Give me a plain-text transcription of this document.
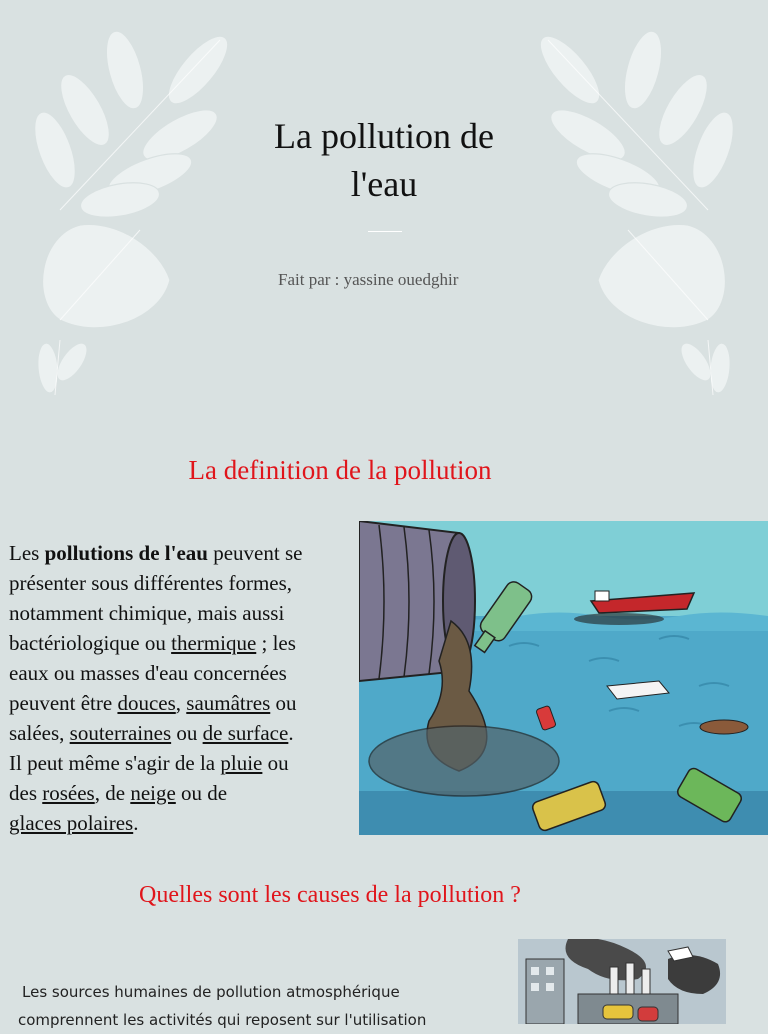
La pollution de
l'eau
Fait par : yassine ouedghir
La definition de la pollution
Les pollutions de l'eau peuvent se
présenter sous différentes formes,
notamment chimique, mais aussi
bactériologique ou thermique ; les
eaux ou masses d'eau concernées
peuvent être douces, saumâtres ou
salées, souterraines ou de surface.
Il peut même s'agir de la pluie ou
des rosées, de neige ou de
glaces polaires.
Quelles sont les causes de la pollution ?
Les sources humaines de pollution atmosphérique
comprennent les activités qui reposent sur l'utilisation
